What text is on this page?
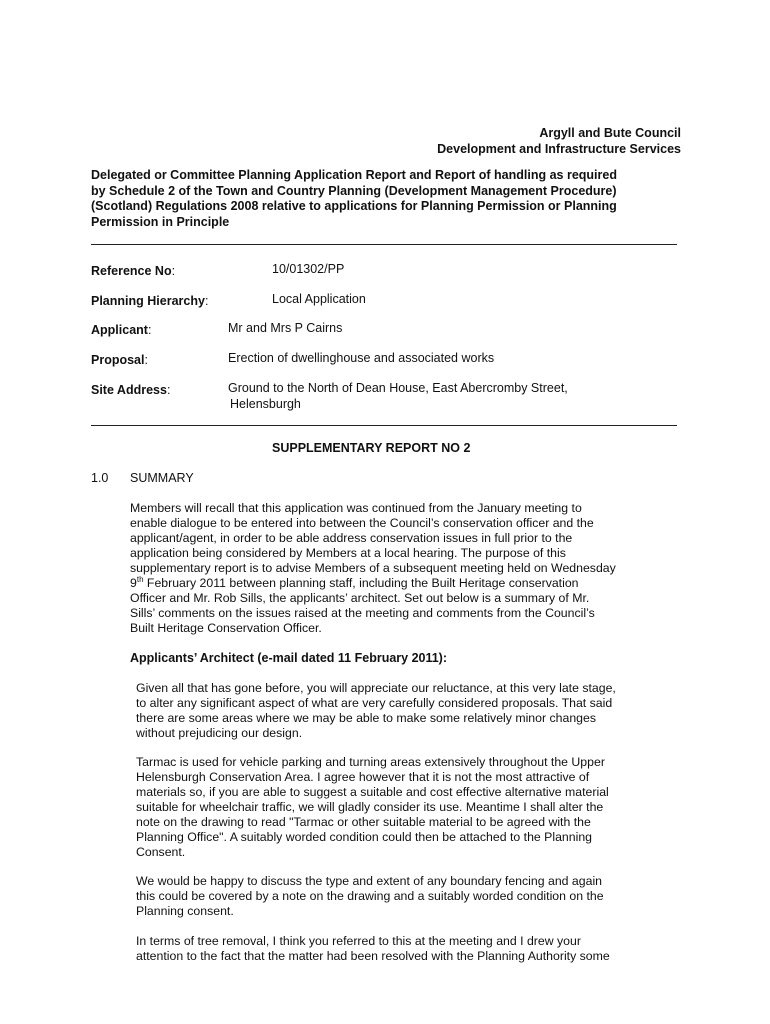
Argyll and Bute Council
Development and Infrastructure Services
Delegated or Committee Planning Application Report and Report of handling as required
by Schedule 2 of the Town and Country Planning (Development Management Procedure)
(Scotland) Regulations 2008 relative to applications for Planning Permission or Planning
Permission in Principle
Reference No:	10/01302/PP
Planning Hierarchy:	Local Application
Applicant:	Mr and Mrs P Cairns
Proposal:	Erection of dwellinghouse and associated works
Site Address:	Ground to the North of Dean House, East Abercromby Street,
Helensburgh
SUPPLEMENTARY REPORT NO 2
1.0 SUMMARY
Members will recall that this application was continued from the January meeting to
enable dialogue to be entered into between the Council’s conservation officer and the
applicant/agent, in order to be able address conservation issues in full prior to the
application being considered by Members at a local hearing. The purpose of this
supplementary report is to advise Members of a subsequent meeting held on Wednesday
9th February 2011 between planning staff, including the Built Heritage conservation
Officer and Mr. Rob Sills, the applicants’ architect. Set out below is a summary of Mr.
Sills’ comments on the issues raised at the meeting and comments from the Council’s
Built Heritage Conservation Officer.
Applicants’ Architect (e-mail dated 11 February 2011):
Given all that has gone before, you will appreciate our reluctance, at this very late stage,
to alter any significant aspect of what are very carefully considered proposals. That said
there are some areas where we may be able to make some relatively minor changes
without prejudicing our design.
Tarmac is used for vehicle parking and turning areas extensively throughout the Upper
Helensburgh Conservation Area. I agree however that it is not the most attractive of
materials so, if you are able to suggest a suitable and cost effective alternative material
suitable for wheelchair traffic, we will gladly consider its use. Meantime I shall alter the
note on the drawing to read "Tarmac or other suitable material to be agreed with the
Planning Office". A suitably worded condition could then be attached to the Planning
Consent.
We would be happy to discuss the type and extent of any boundary fencing and again
this could be covered by a note on the drawing and a suitably worded condition on the
Planning consent.
In terms of tree removal, I think you referred to this at the meeting and I drew your
attention to the fact that the matter had been resolved with the Planning Authority some
